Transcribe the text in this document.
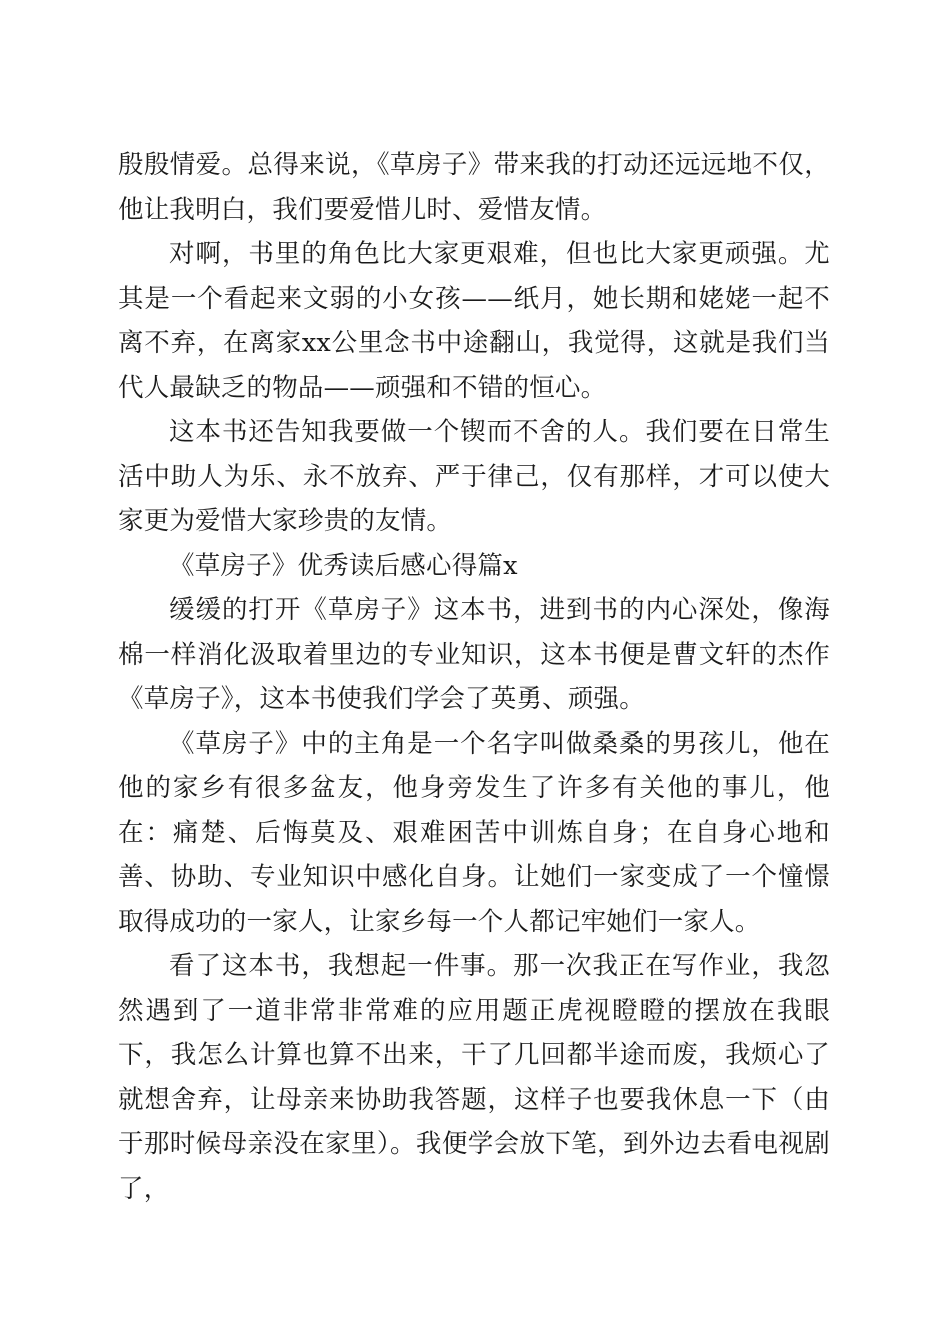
殷殷情爱。总得来说，《草房子》带来我的打动还远远地不仅，他让我明白，我们要爱惜儿时、爱惜友情。

对啊，书里的角色比大家更艰难，但也比大家更顽强。尤其是一个看起来文弱的小女孩——纸月，她长期和姥姥一起不离不弃，在离家xx公里念书中途翻山，我觉得，这就是我们当代人最缺乏的物品——顽强和不错的恒心。

这本书还告知我要做一个锲而不舍的人。我们要在日常生活中助人为乐、永不放弃、严于律己，仅有那样，才可以使大家更为爱惜大家珍贵的友情。

《草房子》优秀读后感心得篇x

缓缓的打开《草房子》这本书，进到书的内心深处，像海棉一样消化汲取着里边的专业知识，这本书便是曹文轩的杰作《草房子》，这本书使我们学会了英勇、顽强。

《草房子》中的主角是一个名字叫做桑桑的男孩儿，他在他的家乡有很多盆友，他身旁发生了许多有关他的事儿，他在：痛楚、后悔莫及、艰难困苦中训炼自身；在自身心地和善、协助、专业知识中感化自身。让她们一家变成了一个憧憬取得成功的一家人，让家乡每一个人都记牢她们一家人。

看了这本书，我想起一件事。那一次我正在写作业，我忽然遇到了一道非常非常难的应用题正虎视瞪瞪的摆放在我眼下，我怎么计算也算不出来，干了几回都半途而废，我烦心了就想舍弃，让母亲来协助我答题，这样子也要我休息一下（由于那时候母亲没在家里）。我便学会放下笔，到外边去看电视剧了，
